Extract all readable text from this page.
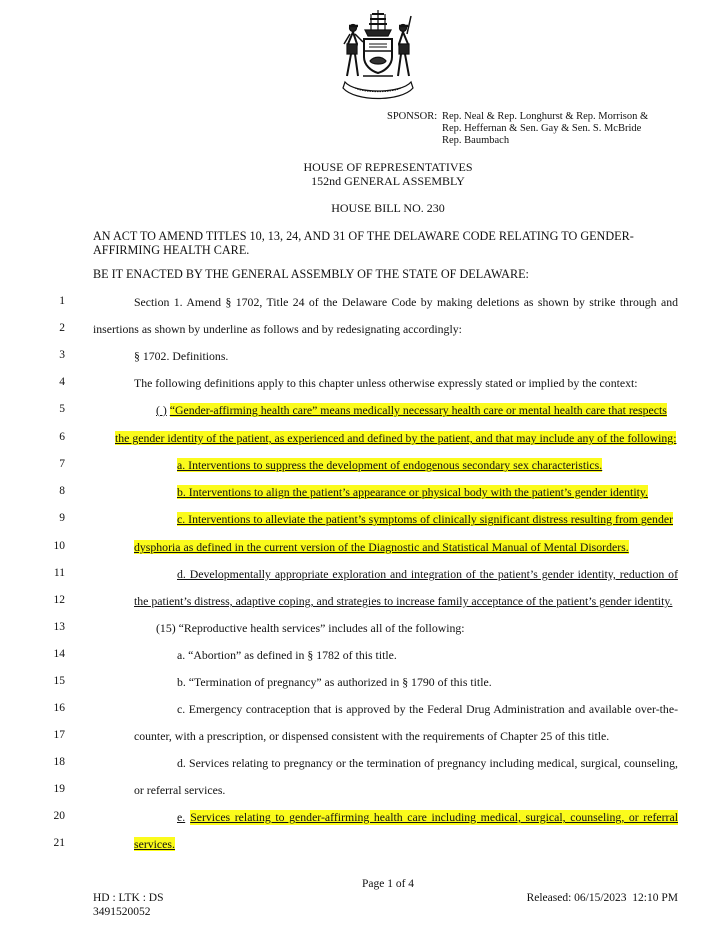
SPONSOR: Rep. Neal & Rep. Longhurst & Rep. Morrison &
Rep. Heffernan & Sen. Gay & Sen. S. McBride
Rep. Baumbach
HOUSE OF REPRESENTATIVES
152nd GENERAL ASSEMBLY
HOUSE BILL NO. 230
AN ACT TO AMEND TITLES 10, 13, 24, AND 31 OF THE DELAWARE CODE RELATING TO GENDER-
AFFIRMING HEALTH CARE.
BE IT ENACTED BY THE GENERAL ASSEMBLY OF THE STATE OF DELAWARE:
1
2
3
4
5
6
7
8
9
10
11
12
13
14
15
16
17
18
19
20
21
Section 1. Amend § 1702, Title 24 of the Delaware Code by making deletions as shown by strike through and
insertions as shown by underline as follows and by redesignating accordingly:
§ 1702. Definitions.
The following definitions apply to this chapter unless otherwise expressly stated or implied by the context:
( ) “Gender-affirming health care” means medically necessary health care or mental health care that respects
the gender identity of the patient, as experienced and defined by the patient, and that may include any of the following:
a. Interventions to suppress the development of endogenous secondary sex characteristics.
b. Interventions to align the patient’s appearance or physical body with the patient’s gender identity.
c. Interventions to alleviate the patient’s symptoms of clinically significant distress resulting from gender
dysphoria as defined in the current version of the Diagnostic and Statistical Manual of Mental Disorders.
d. Developmentally appropriate exploration and integration of the patient’s gender identity, reduction of
the patient’s distress, adaptive coping, and strategies to increase family acceptance of the patient’s gender identity.
(15) “Reproductive health services” includes all of the following:
a. “Abortion” as defined in § 1782 of this title.
b. “Termination of pregnancy” as authorized in § 1790 of this title.
c. Emergency contraception that is approved by the Federal Drug Administration and available over-the-
counter, with a prescription, or dispensed consistent with the requirements of Chapter 25 of this title.
d. Services relating to pregnancy or the termination of pregnancy including medical, surgical, counseling,
or referral services.
e. Services relating to gender-affirming health care including medical, surgical, counseling, or referral
services.
Page 1 of 4
HD : LTK : DS
3491520052
Released: 06/15/2023  12:10 PM
